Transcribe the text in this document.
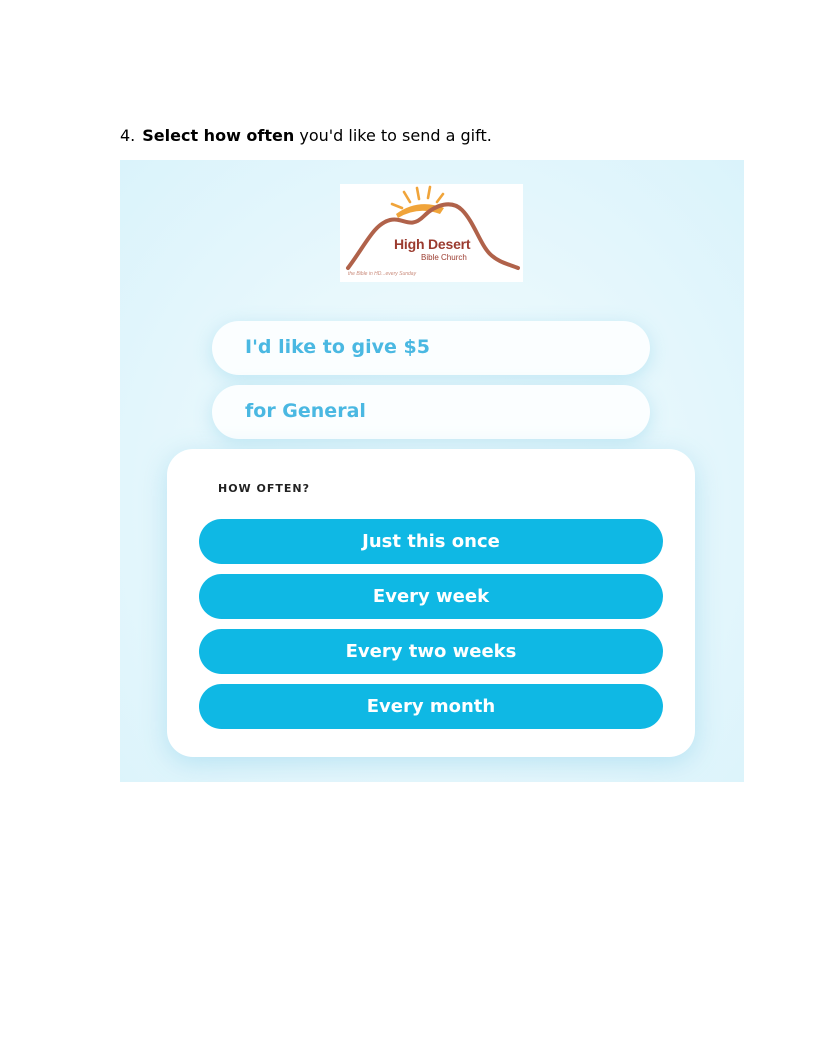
4. Select how often you'd like to send a gift.
High Desert
Bible Church
the Bible in HD...every Sunday
I'd like to give $5
for General
HOW OFTEN?
Just this once
Every week
Every two weeks
Every month
